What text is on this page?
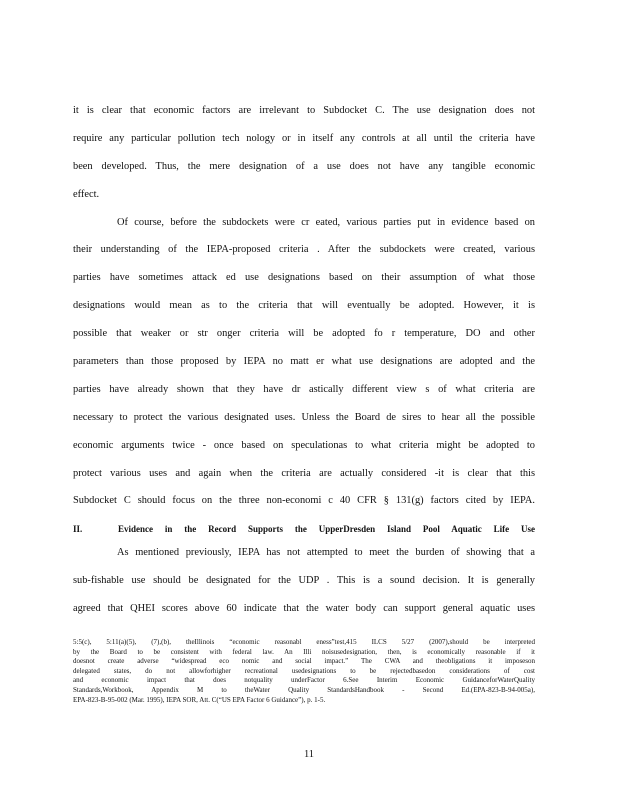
it is clear that economic factors are irrelevant to Subdocket C. The use designation does not
require any particular pollution tech nology or in itself any controls at all until the criteria have
been developed. Thus, the mere designation of a use does not have any tangible economic
effect.
Of course, before the subdockets were cr eated, various parties put in evidence based on
their understanding of the IEPA-proposed criteria . After the subdockets were created, various
parties have sometimes attack ed use designations based on their assumption of what those
designations would mean as to the criteria that will eventually be adopted. However, it is
possible that weaker or str onger criteria will be adopted fo r temperature, DO and other
parameters than those proposed by IEPA no matt er what use designations are adopted and the
parties have already shown that they have dr astically different view s of what criteria are
necessary to protect the various designated uses. Unless the Board de sires to hear all the possible
economic arguments twice - once based on speculationas to what criteria might be adopted to
protect various uses and again when the criteria are actually considered -it is clear that this
Subdocket C should focus on the three non-economi c 40 CFR § 131(g) factors cited by IEPA.
II.	Evidence in the Record Supports the UpperDresden Island Pool Aquatic Life Use
As mentioned previously, IEPA has not attempted to meet the burden of showing that a
sub-fishable use should be designated for the UDP . This is a sound decision. It is generally
agreed that QHEI scores above 60 indicate that the water body can support general aquatic uses
5:5(c), 5:11(a)(5), (7),(b), theIllinois “economic reasonabl eness”test,415 ILCS 5/27 (2007),should be interpreted
by the Board to be consistent with federal law. An Illi noisusedesignation, then, is economically reasonable if it
doesnot create adverse “widespread eco nomic and social impact.” The CWA and theobligations it imposeson
delegated states, do not allowforhigher recreational usedesignations to be rejectedbasedon considerations of cost
and economic impact that does notquality underFactor 6.See Interim Economic GuidanceforWaterQuality
Standards,Workbook, Appendix M to theWater Quality StandardsHandbook - Second Ed.(EPA-823-B-94-005a),
EPA-823-B-95-002 (Mar. 1995), IEPA SOR, Att. C(“US EPA Factor 6 Guidance”), p. 1-5.
11
